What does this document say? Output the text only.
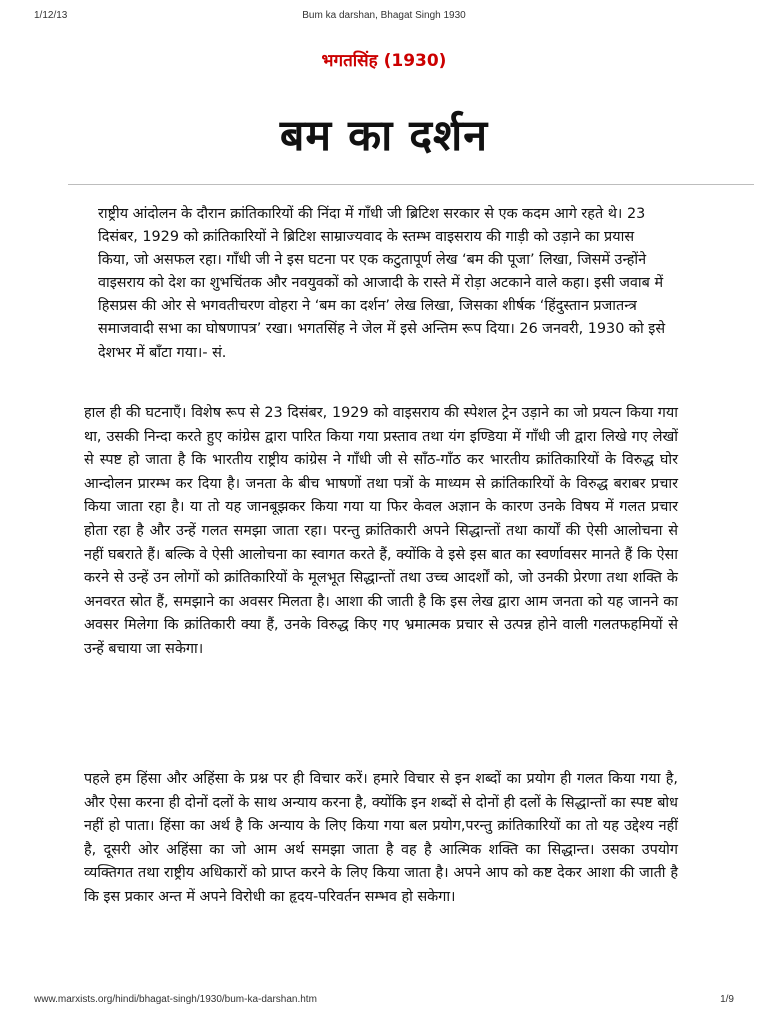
1/12/13	Bum ka darshan, Bhagat Singh 1930
भगतसिंह (1930)
बम का दर्शन

राष्ट्रीय आंदोलन के दौरान क्रांतिकारियों की निंदा में गाँधी जी ब्रिटिश सरकार से एक कदम आगे रहते थे। 23 दिसंबर, 1929 को क्रांतिकारियों ने ब्रिटिश साम्राज्यवाद के स्तम्भ वाइसराय की गाड़ी को उड़ाने का प्रयास किया, जो असफल रहा। गाँधी जी ने इस घटना पर एक कटुतापूर्ण लेख ‘बम की पूजा’ लिखा, जिसमें उन्होंने वाइसराय को देश का शुभचिंतक और नवयुवकों को आजादी के रास्ते में रोड़ा अटकाने वाले कहा। इसी जवाब में हिसप्रस की ओर से भगवतीचरण वोहरा ने ‘बम का दर्शन’ लेख लिखा, जिसका शीर्षक ‘हिंदुस्तान प्रजातन्त्र समाजवादी सभा का घोषणापत्र’ रखा। भगतसिंह ने जेल में इसे अन्तिम रूप दिया। 26 जनवरी, 1930 को इसे देशभर में बाँटा गया।- सं.

हाल ही की घटनाएँ। विशेष रूप से 23 दिसंबर, 1929 को वाइसराय की स्पेशल ट्रेन उड़ाने का जो प्रयत्न किया गया था, उसकी निन्दा करते हुए कांग्रेस द्वारा पारित किया गया प्रस्ताव तथा यंग इण्डिया में गाँधी जी द्वारा लिखे गए लेखों से स्पष्ट हो जाता है कि भारतीय राष्ट्रीय कांग्रेस ने गाँधी जी से साँठ-गाँठ कर भारतीय क्रांतिकारियों के विरुद्ध घोर आन्दोलन प्रारम्भ कर दिया है। जनता के बीच भाषणों तथा पत्रों के माध्यम से क्रांतिकारियों के विरुद्ध बराबर प्रचार किया जाता रहा है। या तो यह जानबूझकर किया गया या फिर केवल अज्ञान के कारण उनके विषय में गलत प्रचार होता रहा है और उन्हें गलत समझा जाता रहा। परन्तु क्रांतिकारी अपने सिद्धान्तों तथा कार्यों की ऐसी आलोचना से नहीं घबराते हैं। बल्कि वे ऐसी आलोचना का स्वागत करते हैं, क्योंकि वे इसे इस बात का स्वर्णावसर मानते हैं कि ऐसा करने से उन्हें उन लोगों को क्रांतिकारियों के मूलभूत सिद्धान्तों तथा उच्च आदर्शों को, जो उनकी प्रेरणा तथा शक्ति के अनवरत स्रोत हैं, समझाने का अवसर मिलता है। आशा की जाती है कि इस लेख द्वारा आम जनता को यह जानने का अवसर मिलेगा कि क्रांतिकारी क्या हैं, उनके विरुद्ध किए गए भ्रमात्मक प्रचार से उत्पन्न होने वाली गलतफहमियों से उन्हें बचाया जा सकेगा।

पहले हम हिंसा और अहिंसा के प्रश्न पर ही विचार करें। हमारे विचार से इन शब्दों का प्रयोग ही गलत किया गया है, और ऐसा करना ही दोनों दलों के साथ अन्याय करना है, क्योंकि इन शब्दों से दोनों ही दलों के सिद्धान्तों का स्पष्ट बोध नहीं हो पाता। हिंसा का अर्थ है कि अन्याय के लिए किया गया बल प्रयोग,परन्तु क्रांतिकारियों का तो यह उद्देश्य नहीं है, दूसरी ओर अहिंसा का जो आम अर्थ समझा जाता है वह है आत्मिक शक्ति का सिद्धान्त। उसका उपयोग व्यक्तिगत तथा राष्ट्रीय अधिकारों को प्राप्त करने के लिए किया जाता है। अपने आप को कष्ट देकर आशा की जाती है कि इस प्रकार अन्त में अपने विरोधी का हृदय-परिवर्तन सम्भव हो सकेगा।

www.marxists.org/hindi/bhagat-singh/1930/bum-ka-darshan.htm	1/9
